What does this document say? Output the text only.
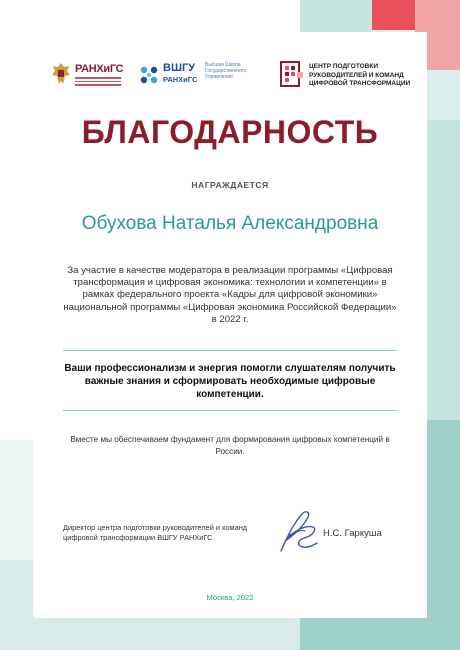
РАНХиГС	ВШГУ
РАНХиГС
Высшая Школа
Государственного
Управления
ЦЕНТР ПОДГОТОВКИ
РУКОВОДИТЕЛЕЙ И КОМАНД
ЦИФРОВОЙ ТРАНСФОРМАЦИИ
БЛАГОДАРНОСТЬ
НАГРАЖДАЕТСЯ
Обухова Наталья Александровна
За участие в качестве модератора в реализации программы «Цифровая трансформация и цифровая экономика: технологии и компетенции» в рамках федерального проекта «Кадры для цифровой экономики» национальной программы «Цифровая экономика Российской Федерации» в 2022 г.
Ваши профессионализм и энергия помогли слушателям получить важные знания и сформировать необходимые цифровые компетенции.
Вместе мы обеспечиваем фундамент для формирования цифровых компетенций в России.
Директор центра подготовки руководителей и команд цифровой трансформации ВШГУ РАНХиГС	Н.С. Гаркуша
Москва, 2022
